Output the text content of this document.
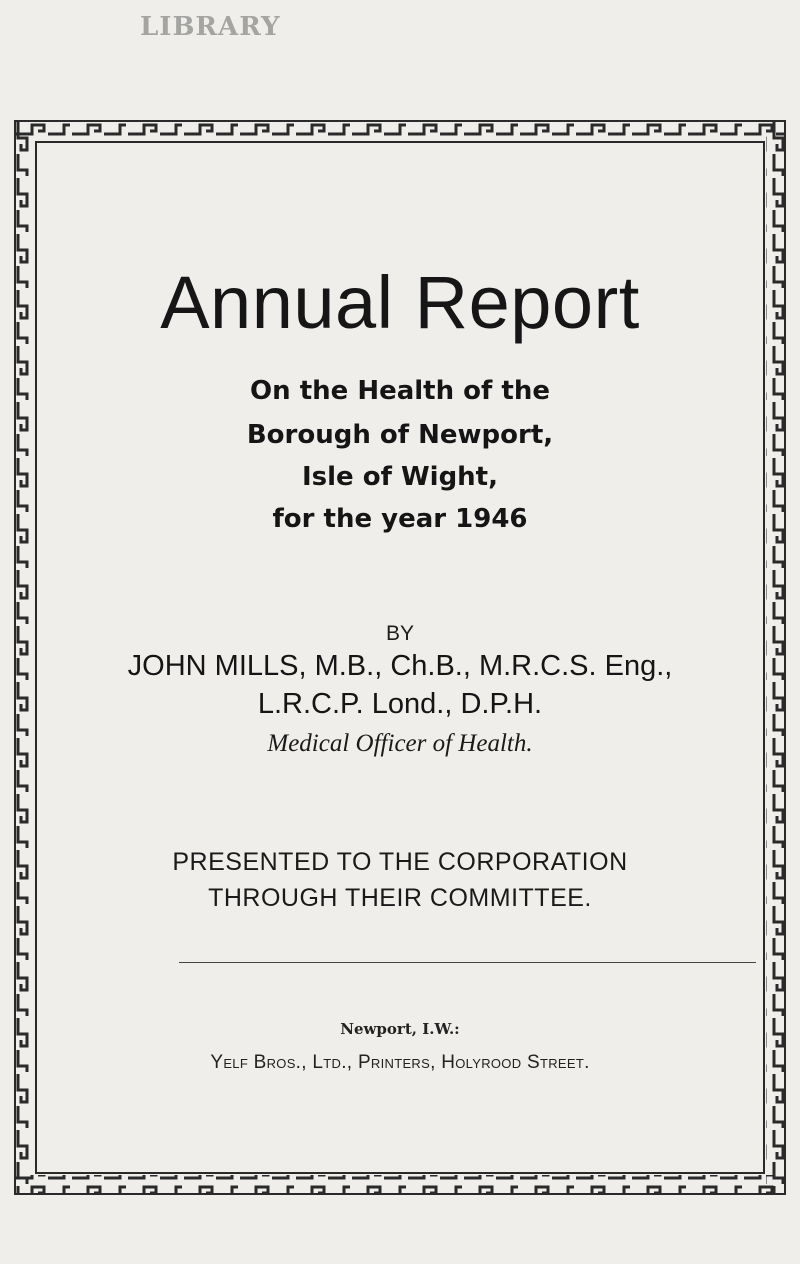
LIBRARY
Annual Report
On the Health of the
Borough of Newport,
Isle of Wight,
for the year 1946
BY
JOHN MILLS, M.B., Ch.B., M.R.C.S. Eng.,
L.R.C.P. Lond., D.P.H.
Medical Officer of Health.
PRESENTED TO THE CORPORATION
THROUGH THEIR COMMITTEE.
Newport, I.W.:
Yelf Bros., Ltd., Printers, Holyrood Street.
